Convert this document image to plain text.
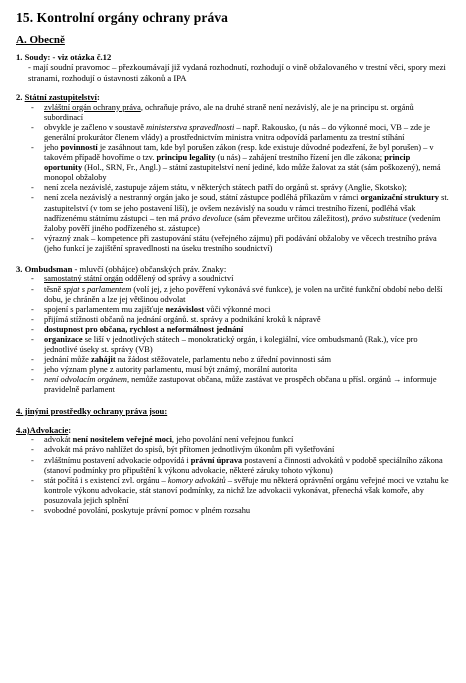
15. Kontrolní orgány ochrany práva
A. Obecně
1. Soudy: - viz otázka č.12
- mají soudní pravomoc – přezkoumávají již vydaná rozhodnutí, rozhodují o vině obžalovaného v trestní věci, spory mezi stranami, rozhodují o ústavnosti zákonů a IPA
2. Státní zastupitelství:
- zvláštní orgán ochrany práva, ochraňuje právo, ale na druhé straně není nezávislý, ale je na principu st. orgánů subordinací
- obvykle je začleno v soustavě ministerstva spravedlnosti – např. Rakousko, (u nás – do výkonné moci, VB – zde je generální prokurátor členem vlády) a prostřednictvím ministra vnitra odpovídá parlamentu za trestní stíhání
- jeho povinností je zasáhnout tam, kde byl porušen zákon (resp. kde existuje důvodné podezření, že byl porušen) – v takovém případě hovoříme o tzv. principu legality (u nás) – zahájení trestního řízení jen dle zákona; princip oportunity (Hol., SRN, Fr., Angl.) – státní zastupitelství není jediné, kdo může žalovat za stát (sám poškozený), nemá monopol obžaloby
- není zcela nezávislé, zastupuje zájem státu, v některých státech patří do orgánů st. správy (Anglie, Skotsko);
- není zcela nezávislý a nestranný orgán jako je soud, státní zástupce podléhá příkazům v rámci organizační struktury st. zastupitelství (v tom se jeho postavení liší), je ovšem nezávislý na soudu v rámci trestního řízení, podléhá však nadřízenému státnímu zástupci – ten má právo devoluce (sám převezme určitou záležitost), právo substituce (vedením žaloby pověří jiného podřízeného st. zástupce)
- výrazný znak – kompetence při zastupování státu (veřejného zájmu) při podávání obžaloby ve věcech trestního práva (jeho funkcí je zajištění spravedlnosti na úseku trestního soudnictví)
3. Ombudsman - mluvčí (obhájce) občanských práv. Znaky:
- samostatný státní orgán oddělený od správy a soudnictví
- těsně spjat s parlamentem (volí jej, z jeho pověření vykonává své funkce), je volen na určité funkční období nebo delší dobu, je chráněn a lze jej většinou odvolat
- spojení s parlamentem mu zajišťuje nezávislost vůči výkonné moci
- přijímá stížnosti občanů na jednání orgánů. st. správy a podnikání kroků k nápravě
- dostupnost pro občana, rychlost a neformálnost jednání
- organizace se liší v jednotlivých státech – monokratický orgán, i kolegiální, více ombudsmanů (Rak.), více pro jednotlivé úseky st. správy (VB)
- jednání může zahájit na žádost stěžovatele, parlamentu nebo z úřední povinnosti sám
- jeho význam plyne z autority parlamentu, musí být známý, morální autorita
- není odvolacím orgánem, nemůže zastupovat občana, může zastávat ve prospěch občana u přísl. orgánů → informuje pravidelně parlament
4. jinými prostředky ochrany práva jsou:
4.a)Advokacie:
- advokát není nositelem veřejné moci, jeho povolání není veřejnou funkcí
- advokát má právo nahlížet do spisů, být přítomen jednotlivým úkonům při vyšetřování
- zvláštnímu postavení advokacie odpovídá i právní úprava postavení a činnosti advokátů v podobě speciálního zákona (stanoví podmínky pro připuštění k výkonu advokacie, některé záruky tohoto výkonu)
- stát počítá i s existencí zvl. orgánu – komory advokátů – svěřuje mu některá oprávnění orgánu veřejné moci ve vztahu ke kontrole výkonu advokacie, stát stanoví podmínky, za nichž lze advokacii vykonávat, přenechá však komoře, aby posuzovala jejich splnění
- svobodné povolání, poskytuje právní pomoc v plném rozsahu
